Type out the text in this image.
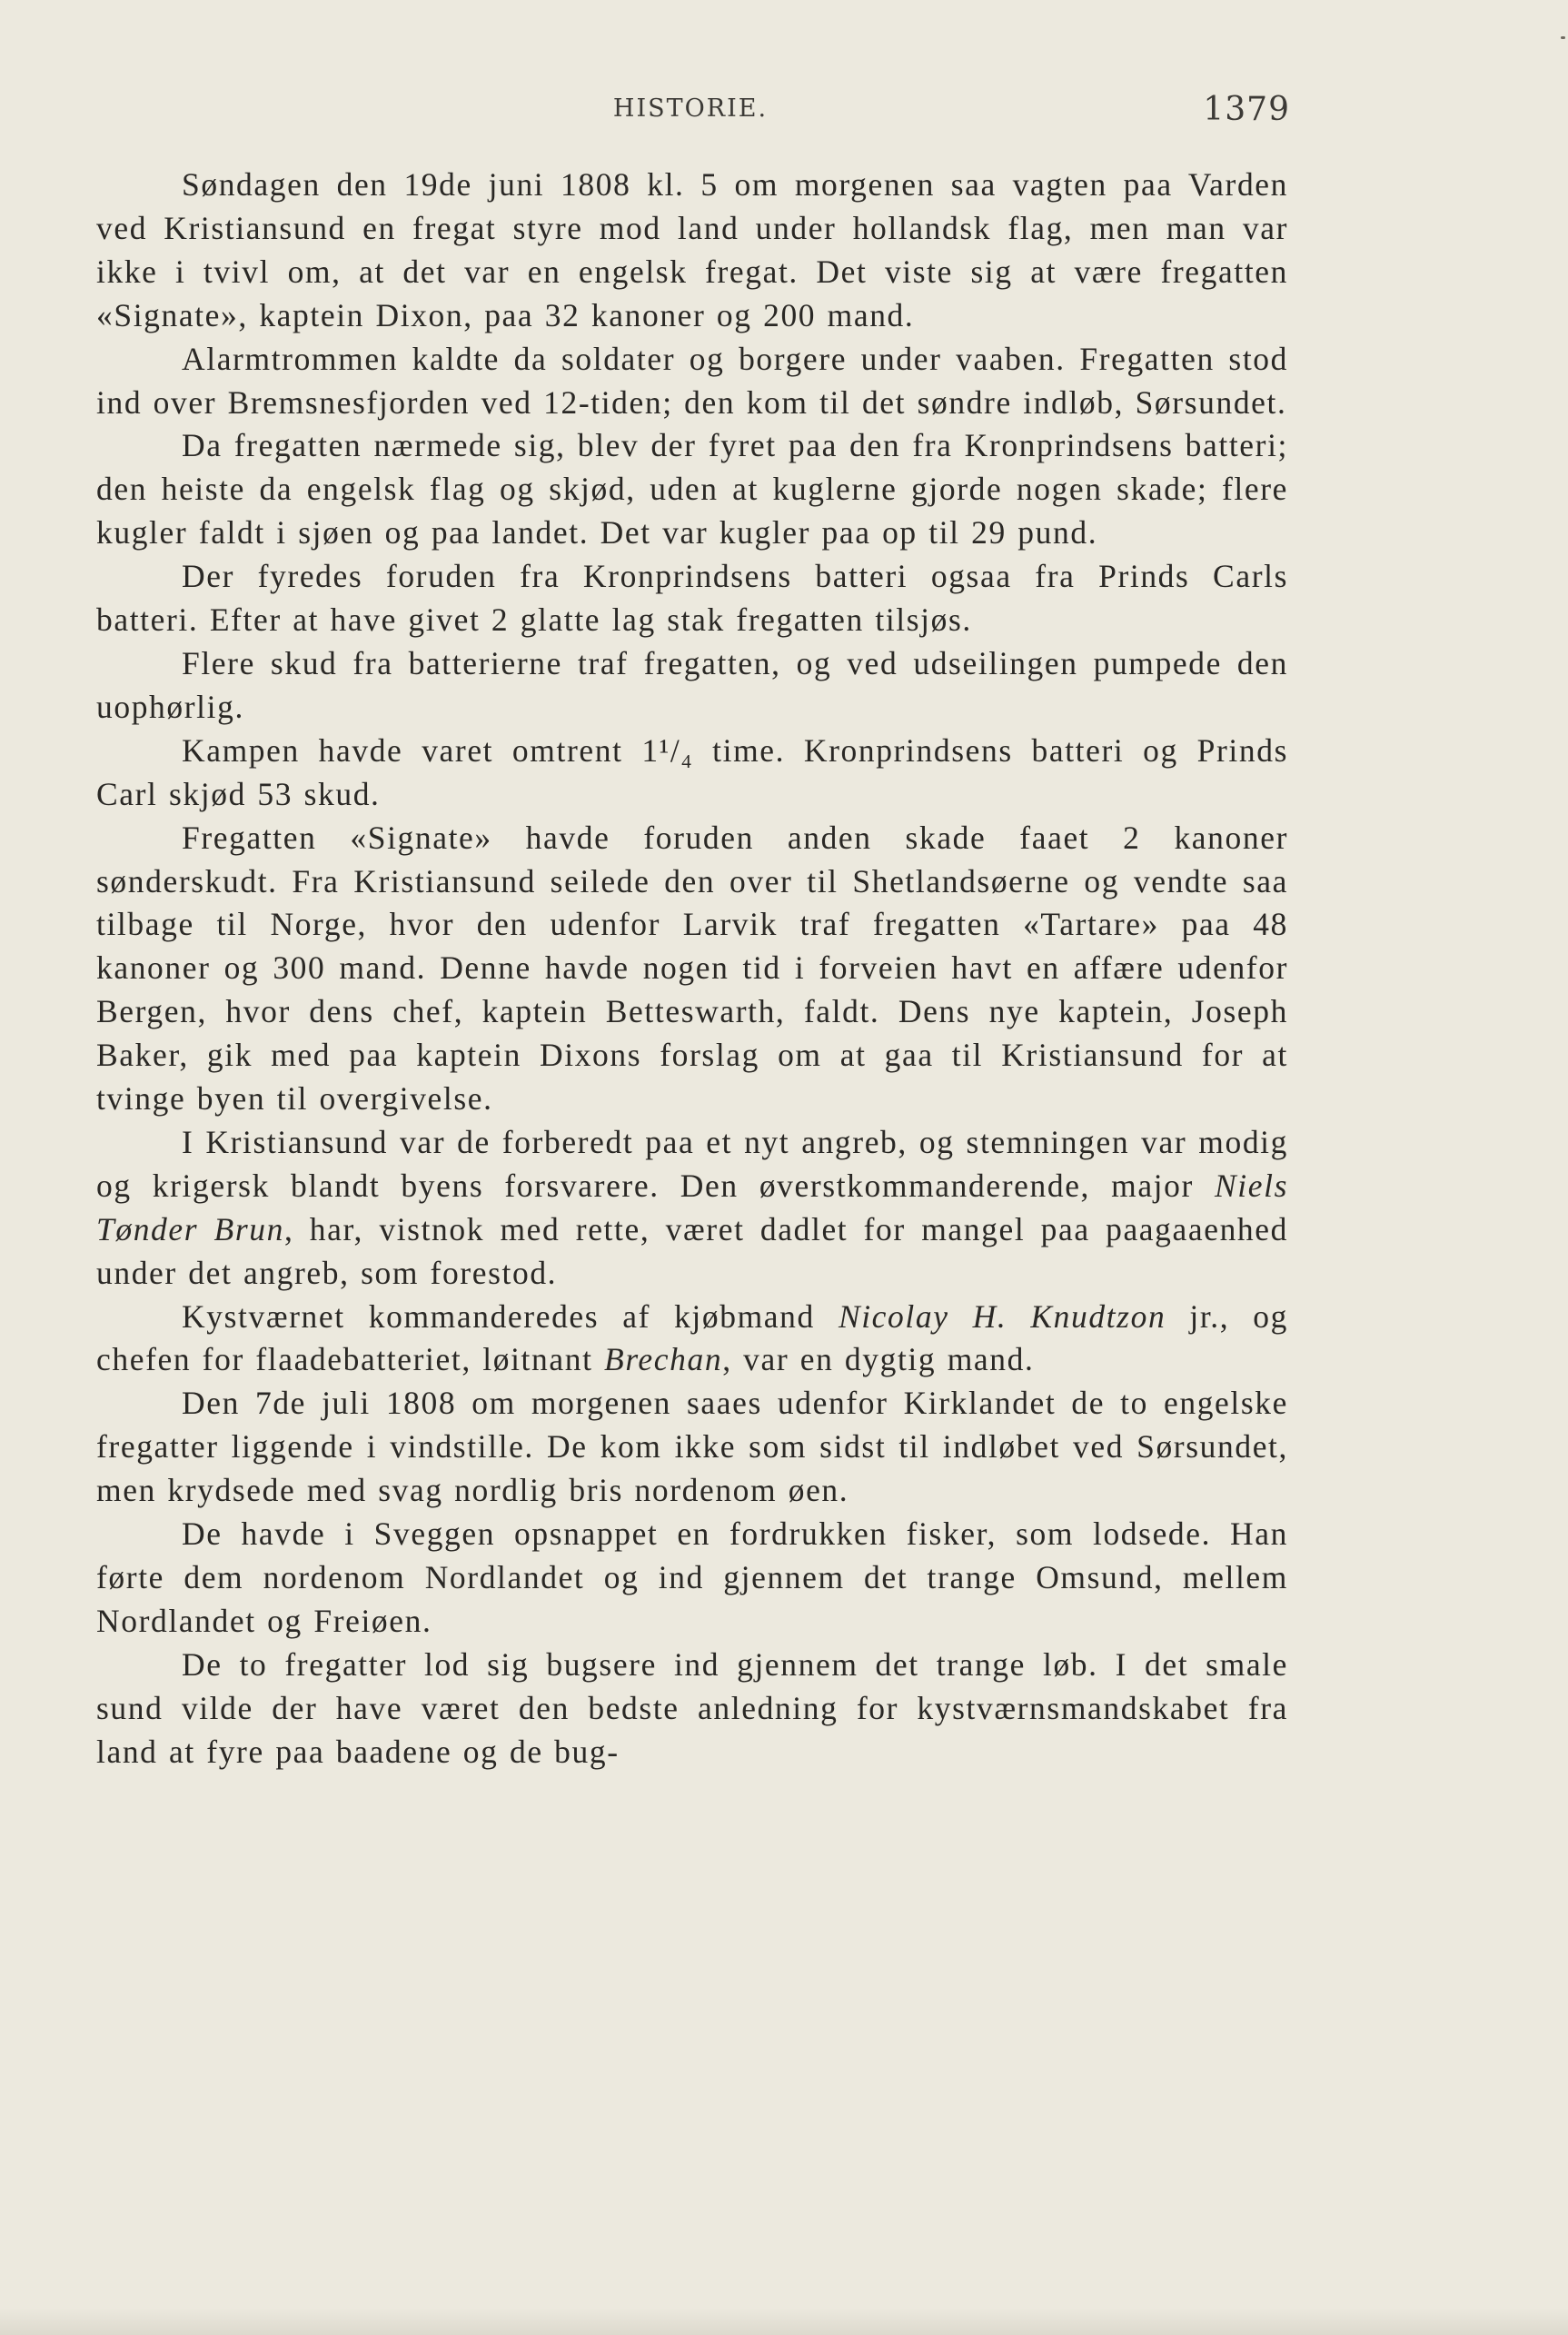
HISTORIE.	1379

Søndagen den 19de juni 1808 kl. 5 om morgenen saa vagten paa Varden ved Kristiansund en fregat styre mod land under hollandsk flag, men man var ikke i tvivl om, at det var en engelsk fregat. Det viste sig at være fregatten «Signate», kaptein Dixon, paa 32 kanoner og 200 mand.

Alarmtrommen kaldte da soldater og borgere under vaaben. Fregatten stod ind over Bremsnesfjorden ved 12-tiden; den kom til det søndre indløb, Sørsundet.

Da fregatten nærmede sig, blev der fyret paa den fra Kronprindsens batteri; den heiste da engelsk flag og skjød, uden at kuglerne gjorde nogen skade; flere kugler faldt i sjøen og paa landet. Det var kugler paa op til 29 pund.

Der fyredes foruden fra Kronprindsens batteri ogsaa fra Prinds Carls batteri. Efter at have givet 2 glatte lag stak fregatten tilsjøs.

Flere skud fra batterierne traf fregatten, og ved udseilingen pumpede den uophørlig.

Kampen havde varet omtrent 1¹/₄ time. Kronprindsens batteri og Prinds Carl skjød 53 skud.

Fregatten «Signate» havde foruden anden skade faaet 2 kanoner sønderskudt. Fra Kristiansund seilede den over til Shetlandsøerne og vendte saa tilbage til Norge, hvor den udenfor Larvik traf fregatten «Tartare» paa 48 kanoner og 300 mand. Denne havde nogen tid i forveien havt en affære udenfor Bergen, hvor dens chef, kaptein Betteswarth, faldt. Dens nye kaptein, Joseph Baker, gik med paa kaptein Dixons forslag om at gaa til Kristiansund for at tvinge byen til overgivelse.

I Kristiansund var de forberedt paa et nyt angreb, og stemningen var modig og krigersk blandt byens forsvarere. Den øverstkommanderende, major Niels Tønder Brun, har, vistnok med rette, været dadlet for mangel paa paagaaenhed under det angreb, som forestod.

Kystværnet kommanderedes af kjøbmand Nicolay H. Knudtzon jr., og chefen for flaadebatteriet, løitnant Brechan, var en dygtig mand.

Den 7de juli 1808 om morgenen saaes udenfor Kirklandet de to engelske fregatter liggende i vindstille. De kom ikke som sidst til indløbet ved Sørsundet, men krydsede med svag nordlig bris nordenom øen.

De havde i Sveggen opsnappet en fordrukken fisker, som lodsede. Han førte dem nordenom Nordlandet og ind gjennem det trange Omsund, mellem Nordlandet og Freiøen.

De to fregatter lod sig bugsere ind gjennem det trange løb. I det smale sund vilde der have været den bedste anledning for kystværnsmandskabet fra land at fyre paa baadene og de bug-
